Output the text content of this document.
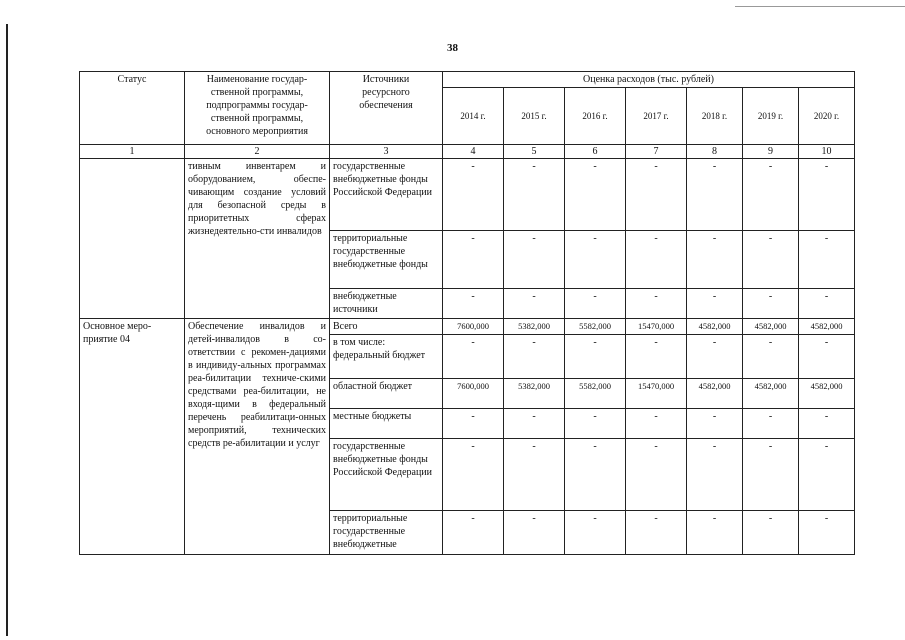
38
Статус	Наименование государ-
ственной программы,
подпрограммы государ-
ственной программы,
основного мероприятия	Источники
ресурсного
обеспечения	Оценка расходов (тыс. рублей)						
			2014 г.	2015 г.	2016 г.	2017 г.	2018 г.	2019 г.	2020 г.
1	2	3	4	5	6	7	8	9	10
	тивным инвентарем и оборудованием, обеспе-чивающим создание условий для безопасной среды в приоритетных сферах жизнедеятельно-сти инвалидов	государственные внебюджетные фонды Российской Федерации	-	-	-	-	-	-	-
		территориальные государственные внебюджетные фонды	-	-	-	-	-	-	-
		внебюджетные источники	-	-	-	-	-	-	-
Основное меро-приятие 04	Обеспечение инвалидов и детей-инвалидов в со-ответствии с рекомен-дациями в индивиду-альных программах реа-билитации техниче-скими средствами реа-билитации, не входя-щими в федеральный перечень реабилитаци-онных мероприятий, технических средств ре-абилитации и услуг	Всего	7600,000	5382,000	5582,000	15470,000	4582,000	4582,000	4582,000
		в том числе: федеральный бюджет	-	-	-	-	-	-	-
		областной бюджет	7600,000	5382,000	5582,000	15470,000	4582,000	4582,000	4582,000
		местные бюджеты	-	-	-	-	-	-	-
		государственные внебюджетные фонды Российской Федерации	-	-	-	-	-	-	-
		территориальные государственные внебюджетные	-	-	-	-	-	-	-
